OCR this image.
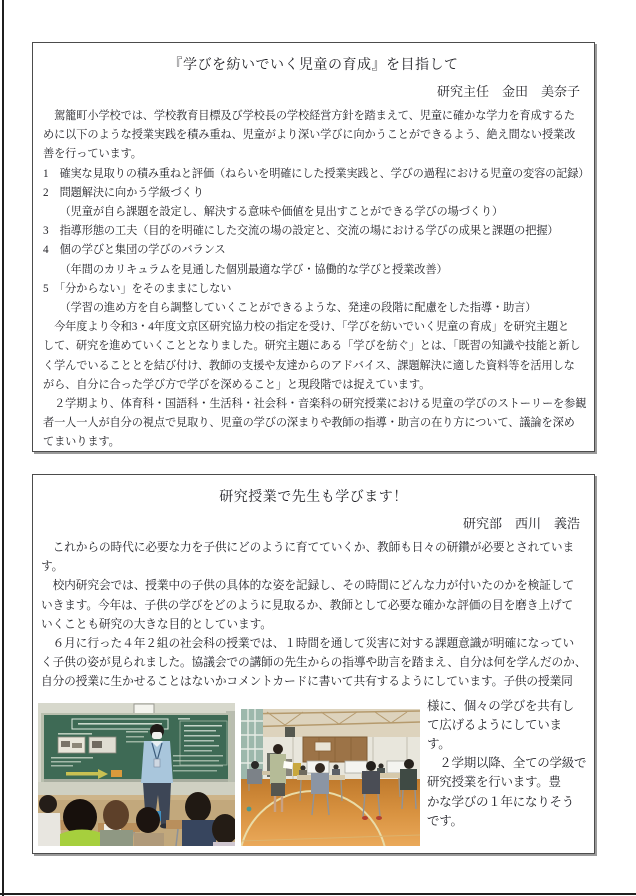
『学びを紡いでいく児童の育成』を目指して
研究主任　金田　美奈子
　駕籠町小学校では、学校教育目標及び学校長の学校経営方針を踏まえて、児童に確かな学力を育成するた
めに以下のような授業実践を積み重ね、児童がより深い学びに向かうことができるよう、絶え間ない授業改
善を行っています。
1　確実な見取りの積み重ねと評価（ねらいを明確にした授業実践と、学びの過程における児童の変容の記録）
2　問題解決に向かう学級づくり
　　（児童が自ら課題を設定し、解決する意味や価値を見出すことができる学びの場づくり）
3　指導形態の工夫（目的を明確にした交流の場の設定と、交流の場における学びの成果と課題の把握）
4　個の学びと集団の学びのバランス
　　（年間のカリキュラムを見通した個別最適な学び・協働的な学びと授業改善）
5　「分からない」をそのままにしない
　　（学習の進め方を自ら調整していくことができるような、発達の段階に配慮をした指導・助言）
　今年度より令和3・4年度文京区研究協力校の指定を受け、「学びを紡いでいく児童の育成」を研究主題と
して、研究を進めていくこととなりました。研究主題にある「学びを紡ぐ」とは、「既習の知識や技能と新し
く学んでいることとを結び付け、教師の支援や友達からのアドバイス、課題解決に適した資料等を活用しな
がら、自分に合った学び方で学びを深めること」と現段階では捉えています。
　２学期より、体育科・国語科・生活科・社会科・音楽科の研究授業における児童の学びのストーリーを参観
者一人一人が自分の視点で見取り、児童の学びの深まりや教師の指導・助言の在り方について、議論を深め
てまいります。
研究授業で先生も学びます！
研究部　西川　義浩
　これからの時代に必要な力を子供にどのように育てていくか、教師も日々の研鑽が必要とされていま
す。
　校内研究会では、授業中の子供の具体的な姿を記録し、その時間にどんな力が付いたのかを検証して
いきます。今年は、子供の学びをどのように見取るか、教師として必要な確かな評価の目を磨き上げて
いくことも研究の大きな目的としています。
　６月に行った４年２組の社会科の授業では、１時間を通して災害に対する課題意識が明確になってい
く子供の姿が見られました。協議会での講師の先生からの指導や助言を踏まえ、自分は何を学んだのか、
自分の授業に生かせることはないかコメントカードに書いて共有するようにしています。子供の授業同
様に、個々の学びを共有し
て広げるようにしていま
す。
　２学期以降、全ての学級で
研究授業を行います。豊
かな学びの１年になりそう
です。
